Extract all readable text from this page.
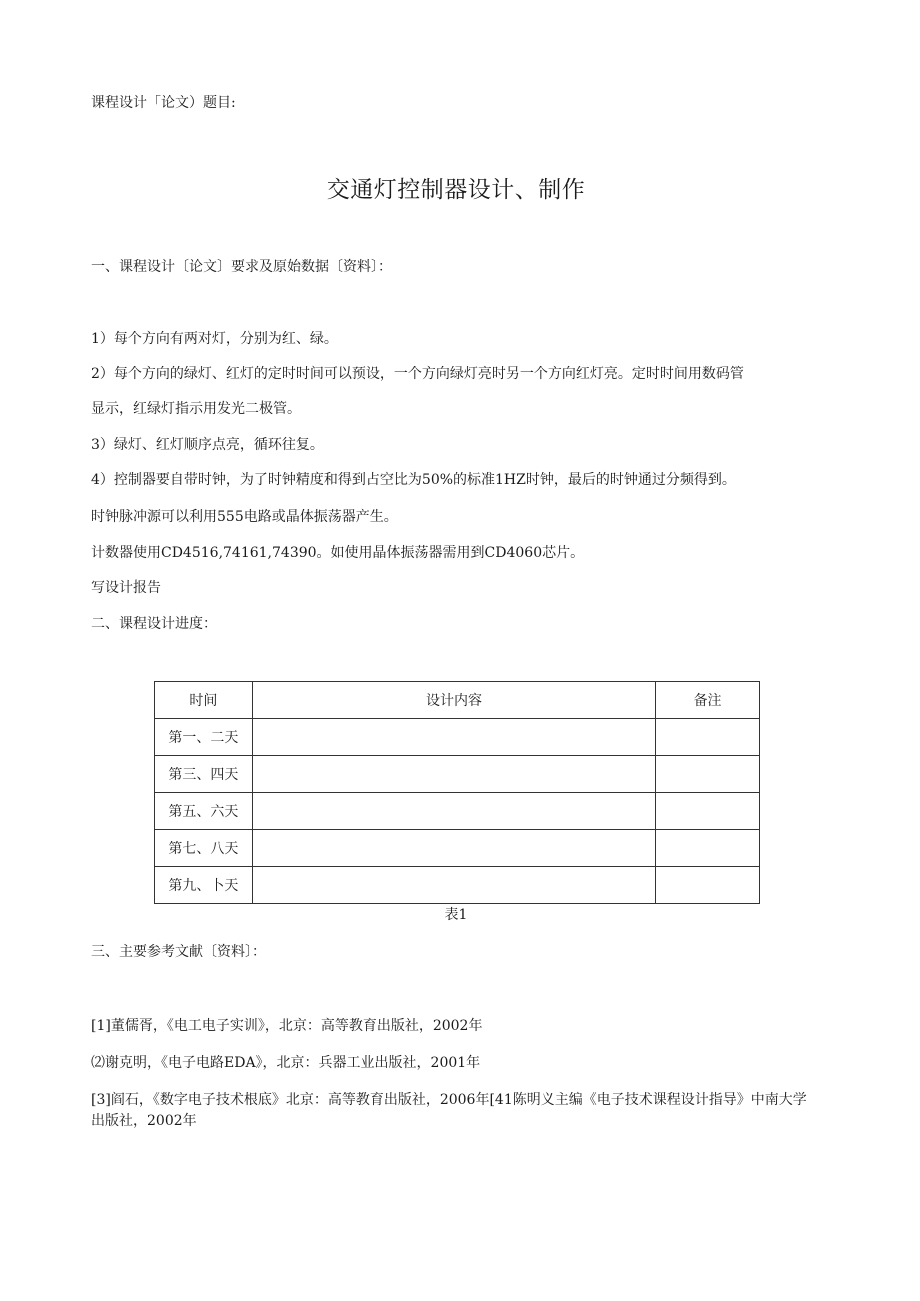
课程设计「论文）题目:
交通灯控制器设计、制作
一、课程设计〔论文〕要求及原始数据〔资料〕：
1）每个方向有两对灯，分别为红、绿。
2）每个方向的绿灯、红灯的定时时间可以预设，一个方向绿灯亮时另一个方向红灯亮。定时时间用数码管
显示，红绿灯指示用发光二极管。
3）绿灯、红灯顺序点亮，循环往复。
4）控制器要自带时钟，为了时钟精度和得到占空比为50%的标准1HZ时钟，最后的时钟通过分频得到。
时钟脉冲源可以利用555电路或晶体振荡器产生。
计数器使用CD4516,74161,74390。如使用晶体振荡器需用到CD4060芯片。
写设计报告
二、课程设计进度：
时间	设计内容	备注
第一、二天		
第三、四天		
第五、六天		
第七、八天		
第九、卜天		
表1
三、主要参考文献〔资料〕：
[1]董儒胥，《电工电子实训》，北京：高等教育出版社，2002年
⑵谢克明，《电子电路EDA》，北京：兵器工业出版社，2001年
[3]阎石，《数字电子技术根底》北京：高等教育出版社，2006年[41陈明义主编《电子技术课程设计指导》中南大学出版社，2002年
